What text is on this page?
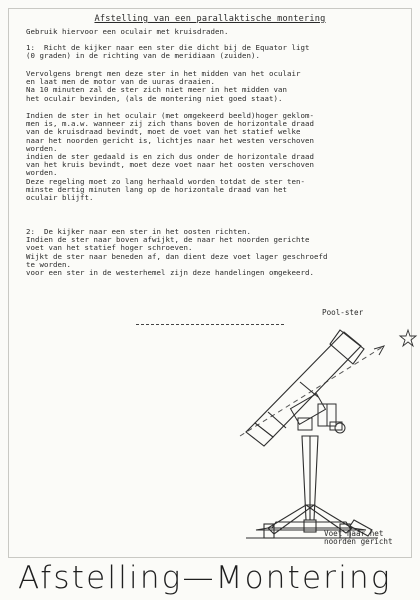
Afstelling van een parallaktische montering
Gebruik hiervoor een oculair met kruisdraden.
1:  Richt de kijker naar een ster die dicht bij de Equator ligt
(0 graden) in de richting van de meridiaan (zuiden).
Vervolgens brengt men deze ster in het midden van het oculair
en laat men de motor van de uuras draaien.
Na 10 minuten zal de ster zich niet meer in het midden van
het oculair bevinden, (als de montering niet goed staat).
Indien de ster in het oculair (met omgekeerd beeld)hoger geklom-
men is, m.a.w. wanneer zij zich thans boven de horizontale draad
van de kruisdraad bevindt, moet de voet van het statief welke
naar het noorden gericht is, lichtjes naar het westen verschoven
worden.
indien de ster gedaald is en zich dus onder de horizontale draad
van het kruis bevindt, moet deze voet naar het oosten verschoven
worden.
Deze regeling moet zo lang herhaald worden totdat de ster ten-
minste dertig minuten lang op de horizontale draad van het
oculair blijft.
2:  De kijker naar een ster in het oosten richten.
Indien de ster naar boven afwijkt, de naar het noorden gerichte
voet van het statief hoger schroeven.
Wijkt de ster naar beneden af, dan dient deze voet lager geschroefd
te worden.
voor een ster in de westerhemel zijn deze handelingen omgekeerd.
Pool-ster
Voet naar het
noorden gericht
Afstelling—Montering
